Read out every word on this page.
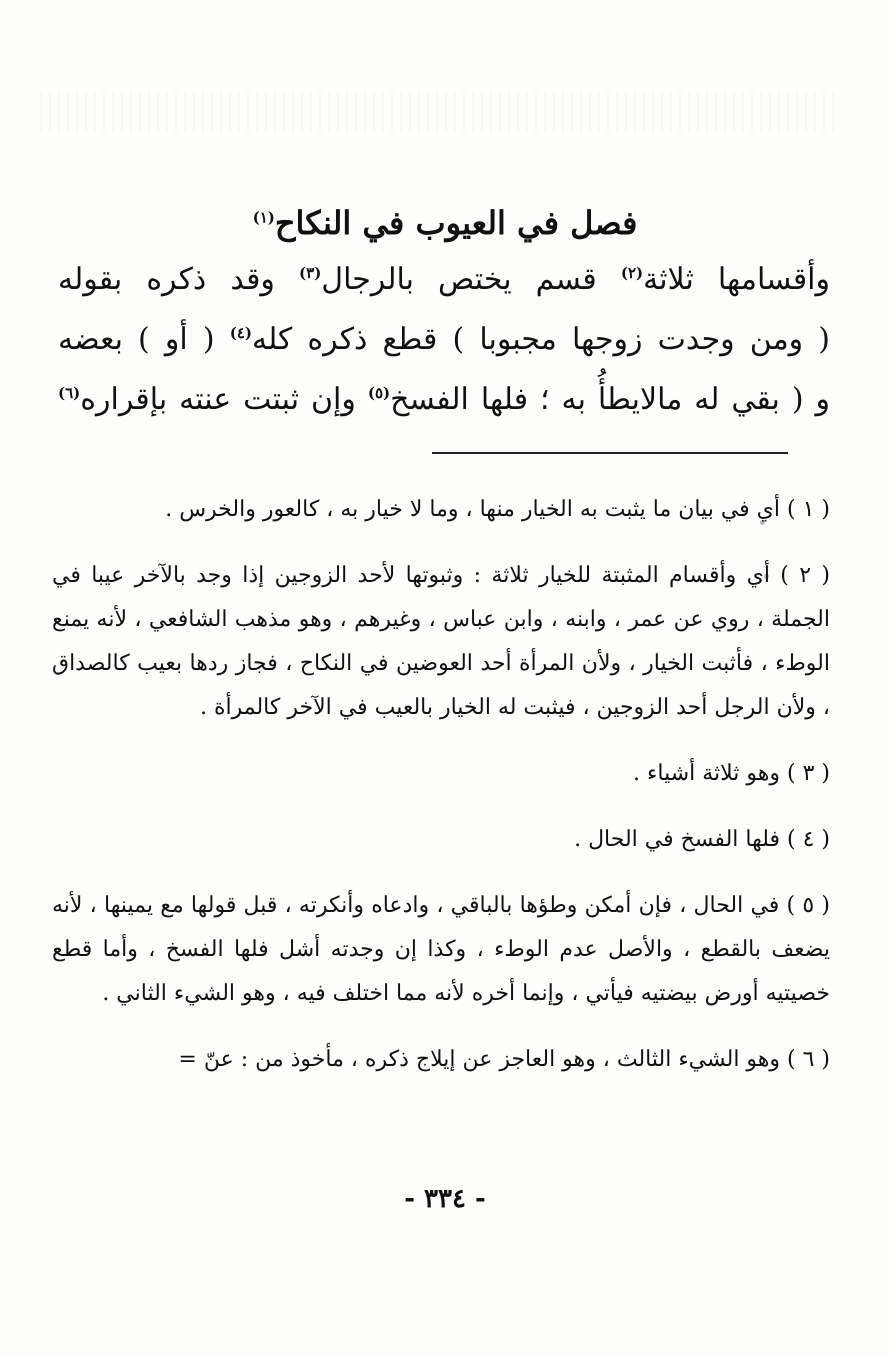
فصل في العيوب في النكاح$^{(١)}$
وأقسامها ثلاثة$^{(٢)}$ قسم يختص بالرجال$^{(٣)}$ وقد ذكره بقوله
( ومن وجدت زوجها مجبوبا ) قطع ذكره كله$^{(٤)}$ ( أو ) بعضه
و ( بقي له مالايطأُ به ؛ فلها الفسخ$^{(٥)}$ وإن ثبتت عنته بإقراره$^{(٦)}$

( ١ ) أي في بيان ما يثبت به الخيار منها ، وما لا خيار به ، كالعور والخرس .

( ٢ ) أي وأقسام المثبتة للخيار ثلاثة : وثبوتها لأحد الزوجين إذا وجد بالآخر عيبا في الجملة ، روي عن عمر ، وابنه ، وابن عباس ، وغيرهم ، وهو مذهب الشافعي ، لأنه يمنع الوطء ، فأثبت الخيار ، ولأن المرأة أحد العوضين في النكاح ، فجاز ردها بعيب كالصداق ، ولأن الرجل أحد الزوجين ، فيثبت له الخيار بالعيب في الآخر كالمرأة .

( ٣ ) وهو ثلاثة أشياء .

( ٤ ) فلها الفسخ في الحال .

( ٥ ) في الحال ، فإن أمكن وطؤها بالباقي ، وادعاه وأنكرته ، قبل قولها مع يمينها ، لأنه يضعف بالقطع ، والأصل عدم الوطء ، وكذا إن وجدته أشل فلها الفسخ ، وأما قطع خصيتيه أورض بيضتيه فيأتي ، وإنما أخره لأنه مما اختلف فيه ، وهو الشيء الثاني .

( ٦ ) وهو الشيء الثالث ، وهو العاجز عن إيلاج ذكره ، مأخوذ من : عنّ =

- ٣٣٤ -
